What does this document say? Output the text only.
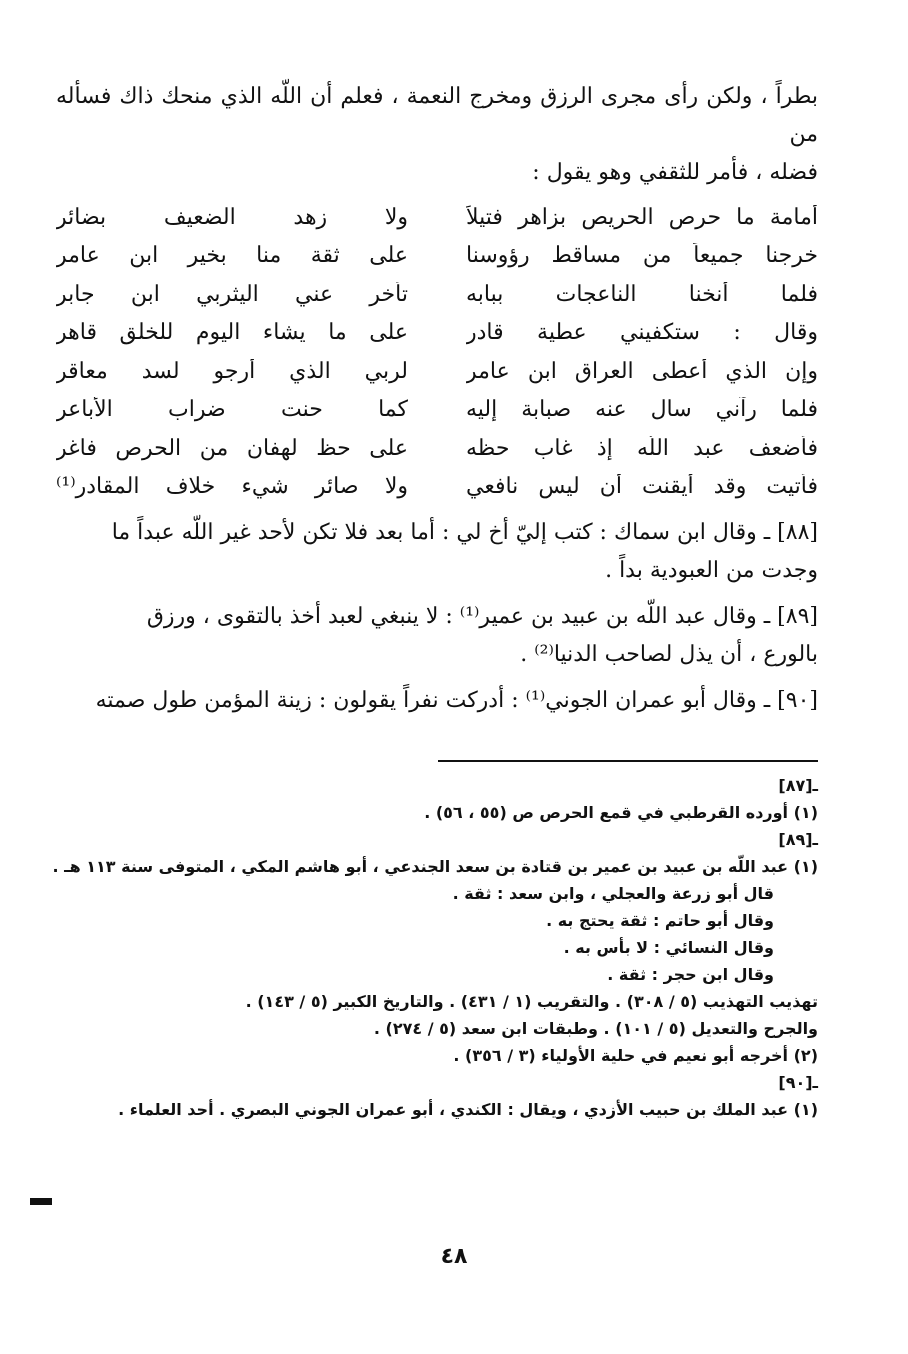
بطراً ، ولكن رأى مجرى الرزق ومخرج النعمة ، فعلم أن اللّه الذي منحك ذاك فسأله من
فضله ، فأمر للثقفي وهو يقول :

أمامة ما حرص الحريص بزاهر فتيلاً
ولا زهد الضعيف بضائر
خرجنا جميعاً من مساقط رؤوسنا
على ثقة منا بخير ابن عامر
فلما أنخنا الناعجات ببابه
تأخر عني اليثربي ابن جابر
وقال : ستكفيني عطية قادر
على ما يشاء اليوم للخلق قاهر
وإن الذي أعطى العراق ابن عامر
لربي الذي أرجو لسد معاقر
فلما رآني سال عنه صبابة إليه
كما حنت ضراب الأباعر
فأضعف عبد اللّه إذ غاب حظه
على حظ لهفان من الحرص فاغر
فأتيت وقد أيقنت أن ليس نافعي
ولا صائر شيء خلاف المقادر⁽¹⁾

[٨٨] ـ وقال ابن سماك : كتب إليّ أخ لي : أما بعد فلا تكن لأحد غير اللّه عبداً ما
وجدت من العبودية بداً .

[٨٩] ـ وقال عبد اللّه بن عبيد بن عمير⁽¹⁾ : لا ينبغي لعبد أخذ بالتقوى ، ورزق
بالورع ، أن يذل لصاحب الدنيا⁽²⁾ .

[٩٠] ـ وقال أبو عمران الجوني⁽¹⁾ : أدركت نفراً يقولون : زينة المؤمن طول صمته

ـ[٨٧]
(١) أورده القرطبي في قمع الحرص ص (٥٥ ، ٥٦) .
ـ[٨٩]
(١) عبد اللّه بن عبيد بن عمير بن قتادة بن سعد الجندعي ، أبو هاشم المكي ، المتوفى سنة ١١٣ هـ .
قال أبو زرعة والعجلي ، وابن سعد : ثقة .
وقال أبو حاتم : ثقة يحتج به .
وقال النسائي : لا بأس به .
وقال ابن حجر : ثقة .
تهذيب التهذيب (٥ / ٣٠٨) . والتقريب (١ / ٤٣١) . والتاريخ الكبير (٥ / ١٤٣) .
والجرح والتعديل (٥ / ١٠١) . وطبقات ابن سعد (٥ / ٢٧٤) .
(٢) أخرجه أبو نعيم في حلية الأولياء (٣ / ٣٥٦) .
ـ[٩٠]
(١) عبد الملك بن حبيب الأزدي ، ويقال : الكندي ، أبو عمران الجوني البصري . أحد العلماء .
٤٨
